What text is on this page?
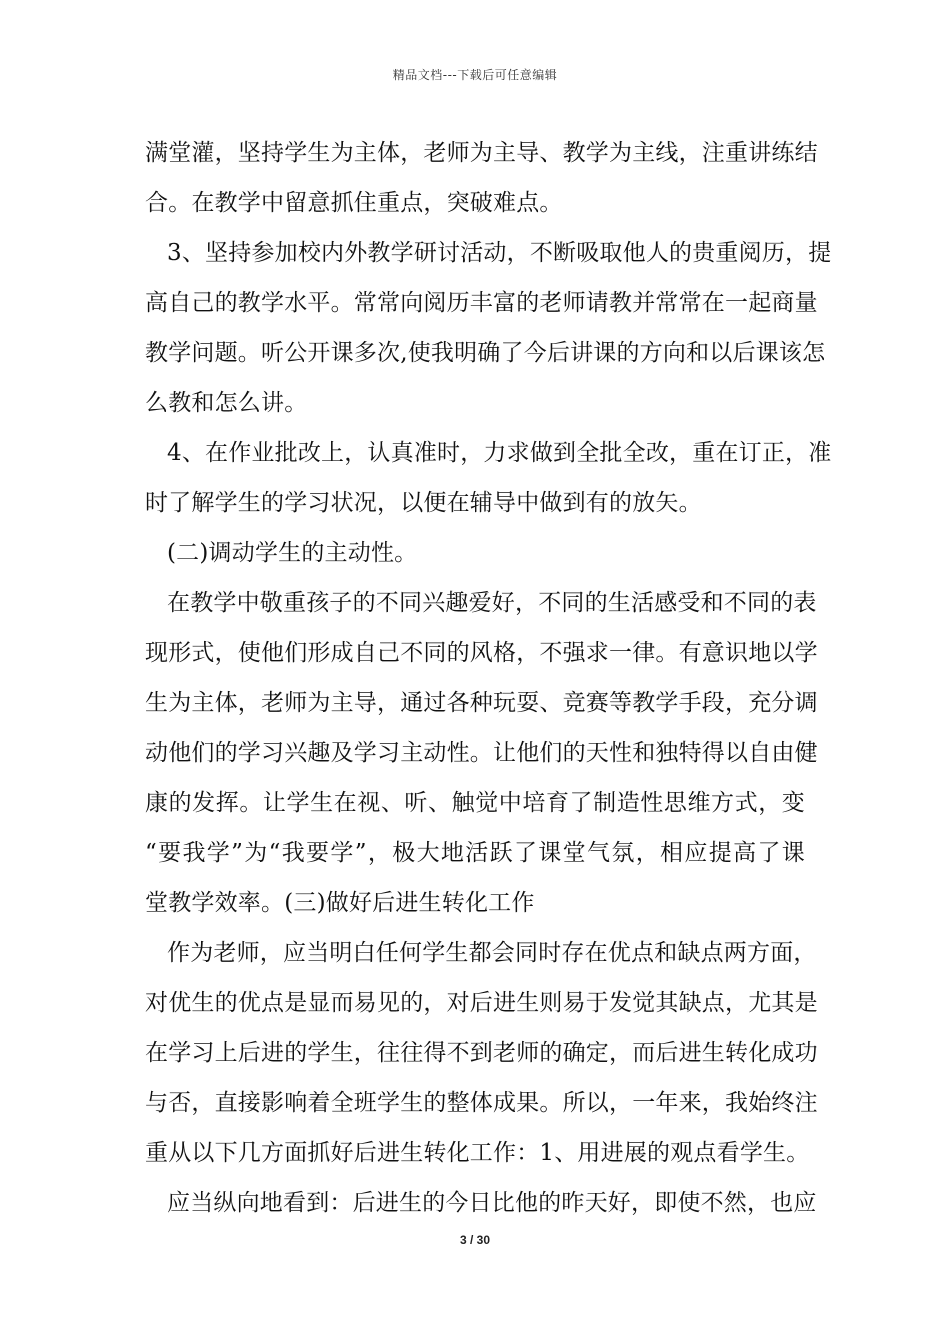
精品文档---下载后可任意编辑
满堂灌，坚持学生为主体，老师为主导、教学为主线，注重讲练结
合。在教学中留意抓住重点，突破难点。
3、坚持参加校内外教学研讨活动，不断吸取他人的贵重阅历，提
高自己的教学水平。常常向阅历丰富的老师请教并常常在一起商量
教学问题。听公开课多次,使我明确了今后讲课的方向和以后课该怎
么教和怎么讲。
4、在作业批改上，认真准时，力求做到全批全改，重在订正，准
时了解学生的学习状况，以便在辅导中做到有的放矢。
(二)调动学生的主动性。
在教学中敬重孩子的不同兴趣爱好，不同的生活感受和不同的表
现形式，使他们形成自己不同的风格，不强求一律。有意识地以学
生为主体，老师为主导，通过各种玩耍、竞赛等教学手段，充分调
动他们的学习兴趣及学习主动性。让他们的天性和独特得以自由健
康的发挥。让学生在视、听、触觉中培育了制造性思维方式，变
“要我学”为“我要学”，极大地活跃了课堂气氛，相应提高了课
堂教学效率。(三)做好后进生转化工作
作为老师，应当明白任何学生都会同时存在优点和缺点两方面，
对优生的优点是显而易见的，对后进生则易于发觉其缺点，尤其是
在学习上后进的学生，往往得不到老师的确定，而后进生转化成功
与否，直接影响着全班学生的整体成果。所以，一年来，我始终注
重从以下几方面抓好后进生转化工作：1、用进展的观点看学生。
应当纵向地看到：后进生的今日比他的昨天好，即使不然，也应
3 / 30
